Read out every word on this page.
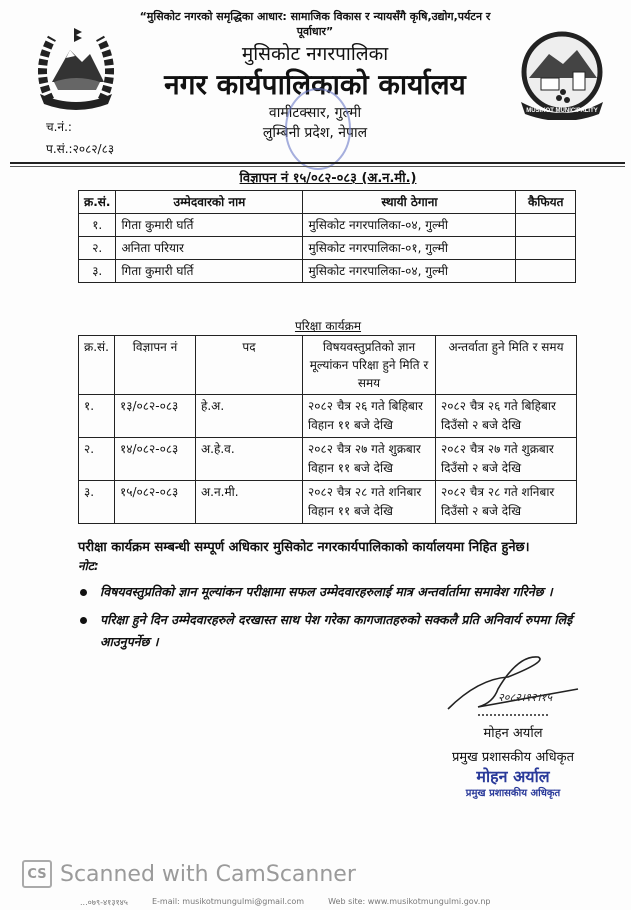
MUSIKOT MUNICIPALITY
“मुसिकोट नगरको समृद्धिका आधार: सामाजिक विकास र न्यायसँगै कृषि,उद्योग,पर्यटन र पूर्वाधार”
मुसिकोट नगरपालिका
नगर कार्यपालिकाको कार्यालय
वामीटक्सार, गुल्मी
लुम्बिनी प्रदेश, नेपाल
च.नं.:
प.सं.:२०८२/८३
विज्ञापन नं १५/०८२-०८३ (अ.न.मी.)
क्र.सं.	उम्मेदवारको नाम	स्थायी ठेगाना	कैफियत
१.	गिता कुमारी घर्ति	मुसिकोट नगरपालिका-०४, गुल्मी	
२.	अनिता परियार	मुसिकोट नगरपालिका-०१, गुल्मी	
३.	गिता कुमारी घर्ति	मुसिकोट नगरपालिका-०४, गुल्मी	
परिक्षा कार्यक्रम
क्र.सं.	विज्ञापन नं	पद	विषयवस्तुप्रतिको ज्ञान मूल्यांकन परिक्षा हुने मिति र समय	अन्तर्वाता हुने मिति र समय
१.	१३/०८२-०८३	हे.अ.	२०८२ चैत्र २६ गते बिहिबार विहान ११ बजे देखि	२०८२ चैत्र २६ गते बिहिबार दिउँसो २ बजे देखि
२.	१४/०८२-०८३	अ.हे.व.	२०८२ चैत्र २७ गते शुक्रबार विहान ११ बजे देखि	२०८२ चैत्र २७ गते शुक्रबार दिउँसो २ बजे देखि
३.	१५/०८२-०८३	अ.न.मी.	२०८२ चैत्र २८ गते शनिबार विहान ११ बजे देखि	२०८२ चैत्र २८ गते शनिबार दिउँसो २ बजे देखि
परीक्षा कार्यक्रम सम्बन्धी सम्पूर्ण अधिकार मुसिकोट नगरकार्यपालिकाको कार्यालयमा निहित हुनेछ।
नोट:
विषयवस्तुप्रतिको ज्ञान मूल्यांकन परीक्षामा सफल उम्मेदवारहरुलाई मात्र अन्तर्वार्तामा समावेश गरिनेछ ।
परिक्षा हुने दिन उम्मेदवारहरुले दरखास्त साथ पेश गरेका कागजातहरुको सक्कलै प्रति अनिवार्य रुपमा लिई आउनुपर्नेछ ।
२०८२।१२।१५
मोहन अर्याल
प्रमुख प्रशासकीय अधिकृत
मोहन अर्याल
प्रमुख प्रशासकीय अधिकृत
CS Scanned with CamScanner
...०७९-४१३१४५	E-mail: musikotmungulmi@gmail.com	Web site: www.musikotmungulmi.gov.np
